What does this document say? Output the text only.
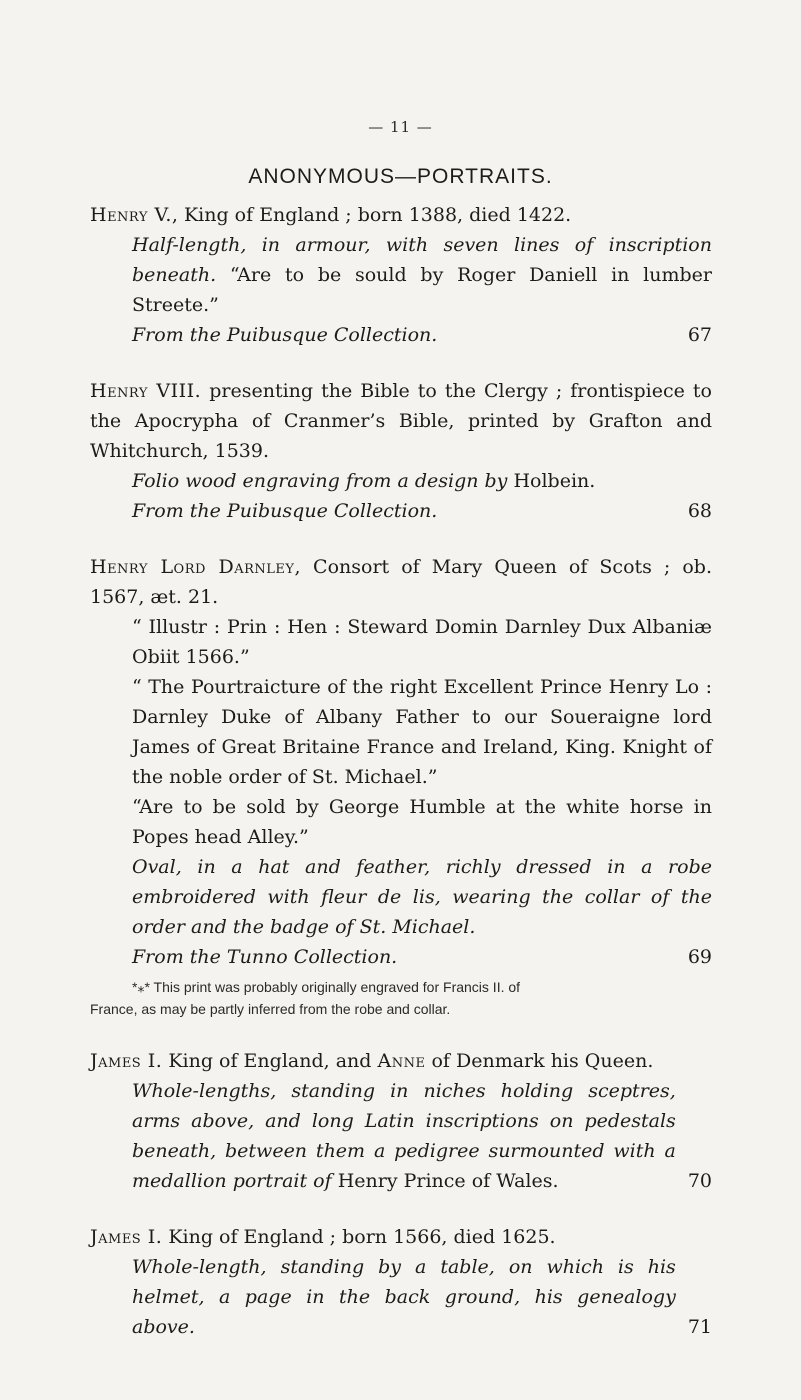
— 11 —
ANONYMOUS—PORTRAITS.

Henry V., King of England ; born 1388, died 1422.

Half-length, in armour, with seven lines of inscription beneath. “Are to be sould by Roger Daniell in lumber Streete.”
From the Puibusque Collection.	67

Henry VIII. presenting the Bible to the Clergy ; frontispiece to the Apocrypha of Cranmer’s Bible, printed by Grafton and Whitchurch, 1539.

Folio wood engraving from a design by Holbein.
From the Puibusque Collection.	68

Henry Lord Darnley, Consort of Mary Queen of Scots ; ob. 1567, æt. 21.

“ Illustr : Prin : Hen : Steward Domin Darnley Dux Albaniæ Obiit 1566.”

“ The Pourtraicture of the right Excellent Prince Henry Lo : Darnley Duke of Albany Father to our Soueraigne lord James of Great Britaine France and Ireland, King. Knight of the noble order of St. Michael.”

“Are to be sold by George Humble at the white horse in Popes head Alley.”

Oval, in a hat and feather, richly dressed in a robe embroidered with fleur de lis, wearing the collar of the order and the badge of St. Michael.

From the Tunno Collection.	69
*⁎* This print was probably originally engraved for Francis II. of
France, as may be partly inferred from the robe and collar.

James I. King of England, and Anne of Denmark his Queen.

Whole-lengths, standing in niches holding sceptres, arms above, and long Latin inscriptions on pedestals beneath, between them a pedigree surmounted with a medallion portrait of Henry Prince of Wales.	70

James I. King of England ; born 1566, died 1625.

Whole-length, standing by a table, on which is his helmet, a page in the back ground, his genealogy above.	71
